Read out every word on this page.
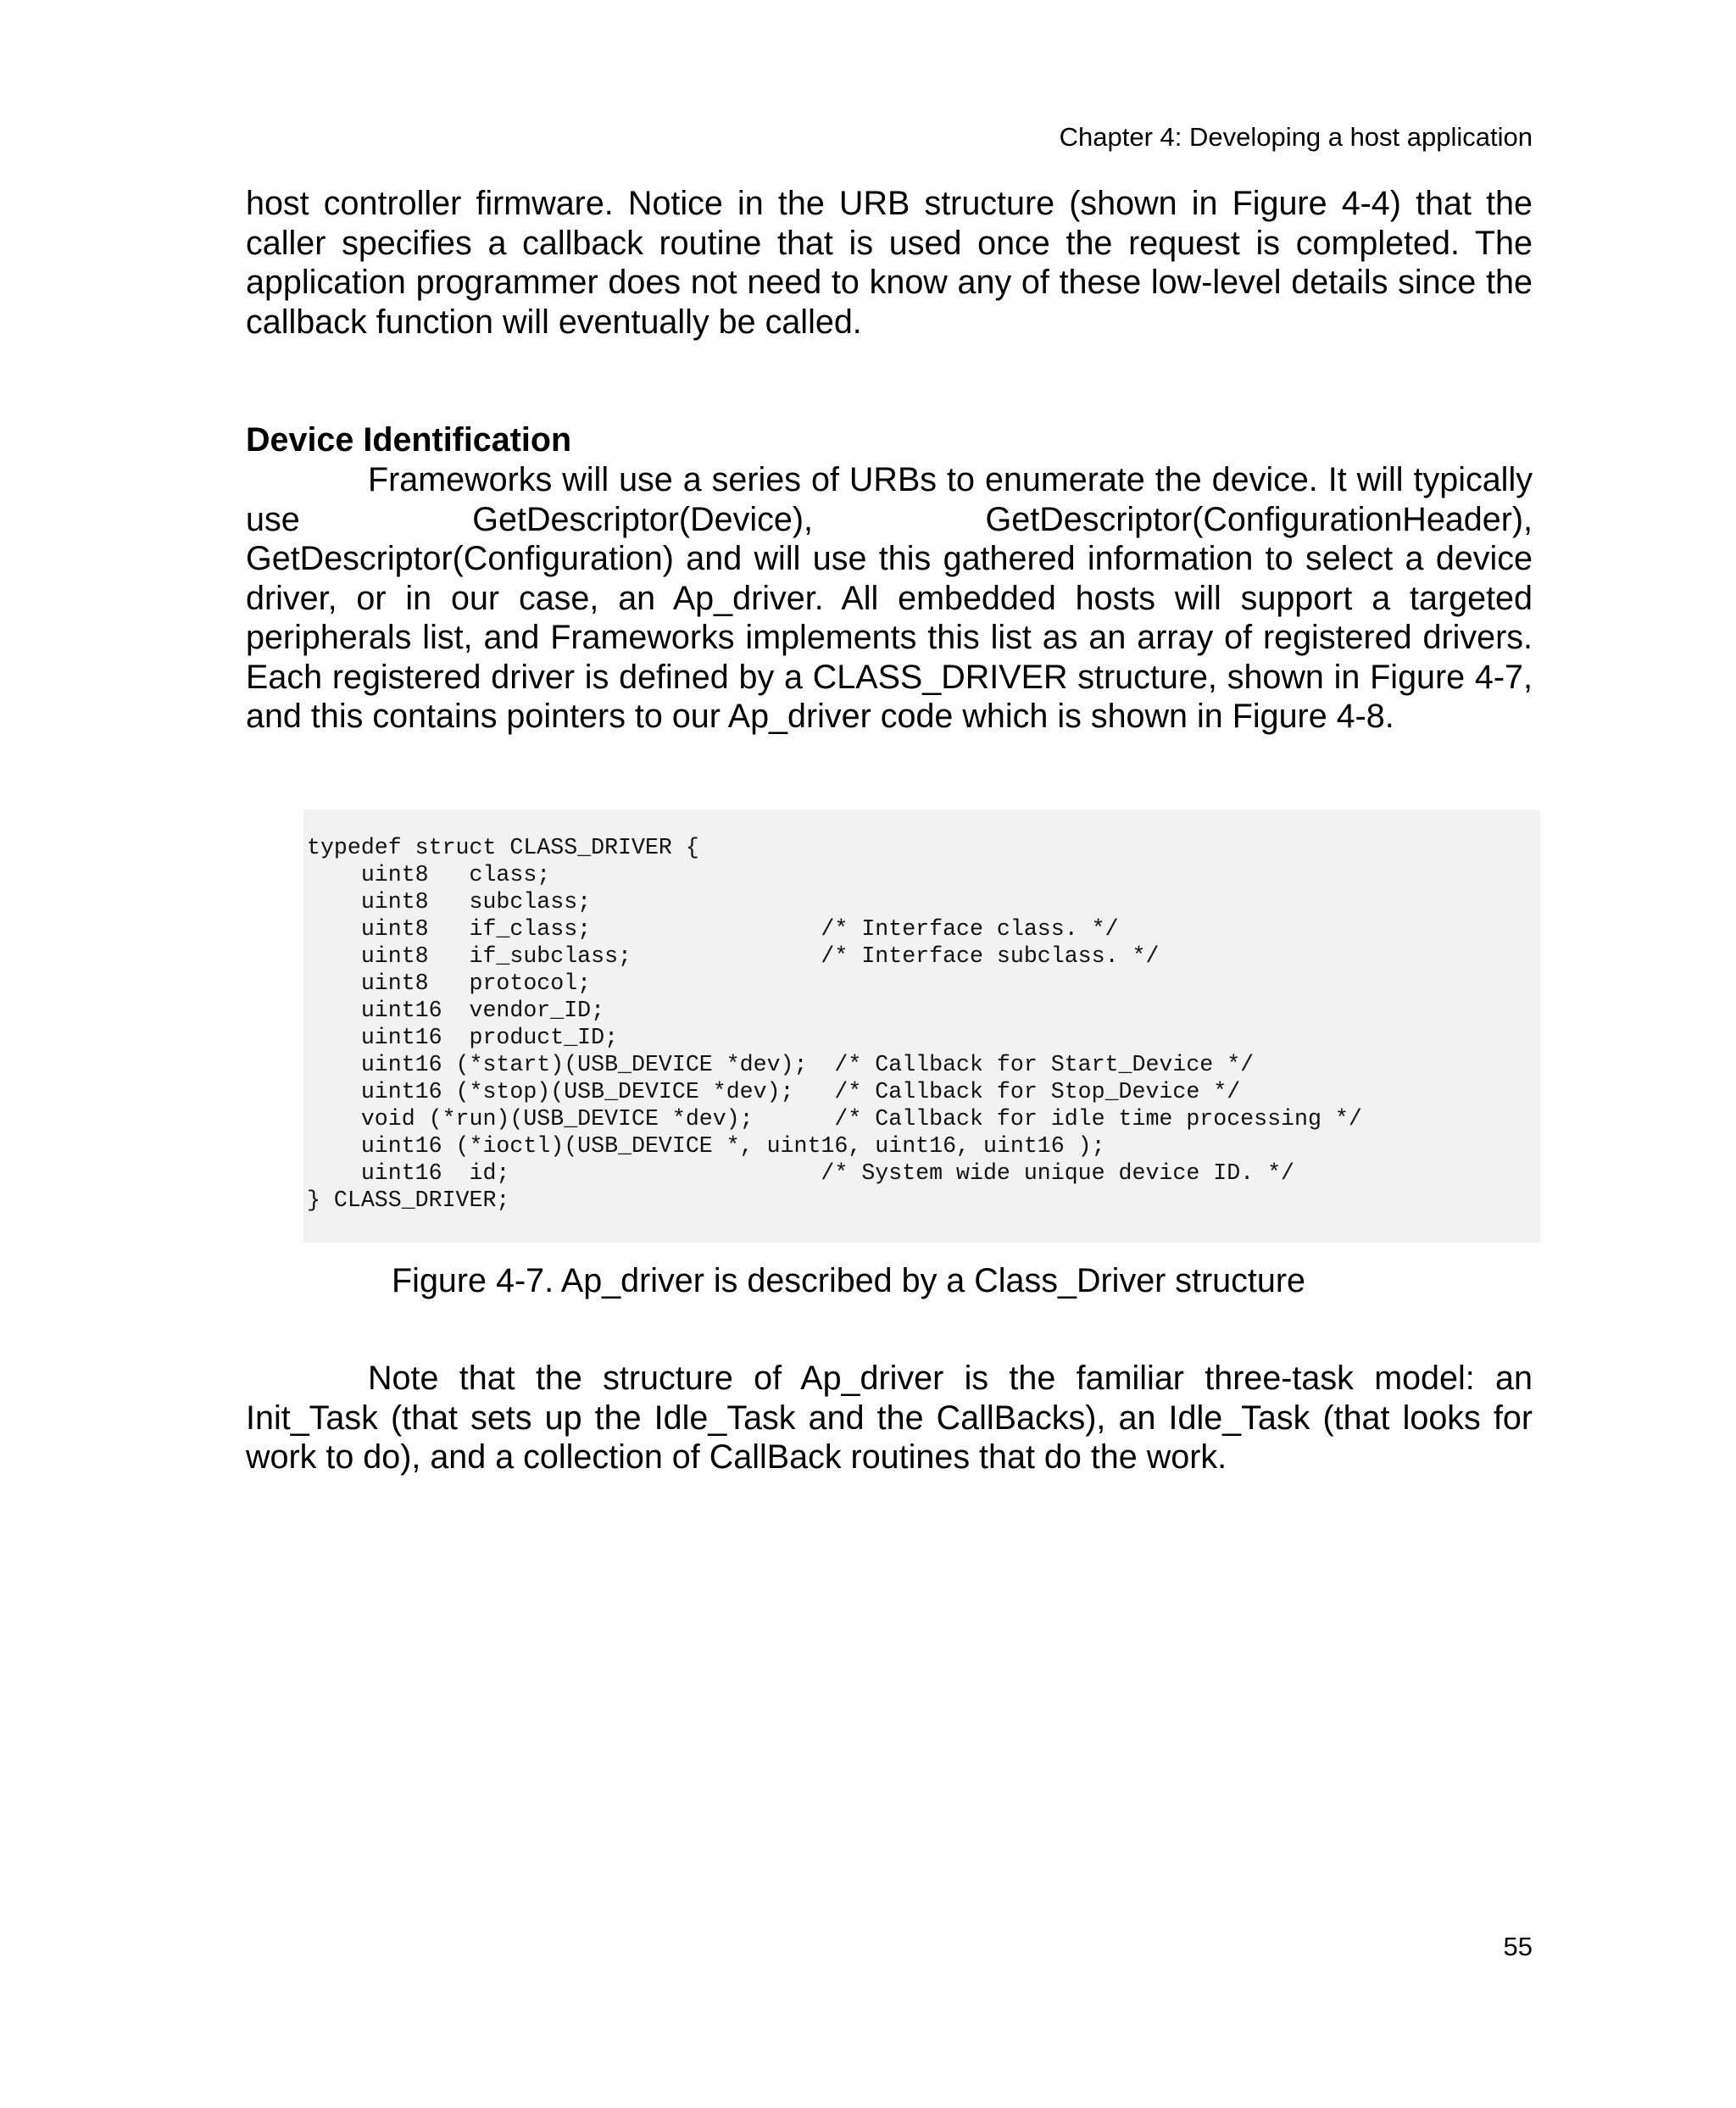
Chapter 4: Developing a host application

host controller firmware. Notice in the URB structure (shown in Figure 4-4) that the caller specifies a callback routine that is used once the request is completed. The application programmer does not need to know any of these low-level details since the callback function will eventually be called.

Device Identification

Frameworks will use a series of URBs to enumerate the device. It will typically use GetDescriptor(Device), GetDescriptor(ConfigurationHeader), GetDescriptor(Configuration) and will use this gathered information to select a device driver, or in our case, an Ap_driver. All embedded hosts will support a targeted peripherals list, and Frameworks implements this list as an array of registered drivers. Each registered driver is defined by a CLASS_DRIVER structure, shown in Figure 4-7, and this contains pointers to our Ap_driver code which is shown in Figure 4-8.

typedef struct CLASS_DRIVER {
uint8   class;
uint8   subclass;
uint8   if_class;                 /* Interface class. */
uint8   if_subclass;              /* Interface subclass. */
uint8   protocol;
uint16  vendor_ID;
uint16  product_ID;
uint16 (*start)(USB_DEVICE *dev);  /* Callback for Start_Device */
uint16 (*stop)(USB_DEVICE *dev);   /* Callback for Stop_Device */
void (*run)(USB_DEVICE *dev);      /* Callback for idle time processing */
uint16 (*ioctl)(USB_DEVICE *, uint16, uint16, uint16 );
uint16  id;                       /* System wide unique device ID. */
} CLASS_DRIVER;

Figure 4-7. Ap_driver is described by a Class_Driver structure

Note that the structure of Ap_driver is the familiar three-task model: an Init_Task (that sets up the Idle_Task and the CallBacks), an Idle_Task (that looks for work to do), and a collection of CallBack routines that do the work.

55
